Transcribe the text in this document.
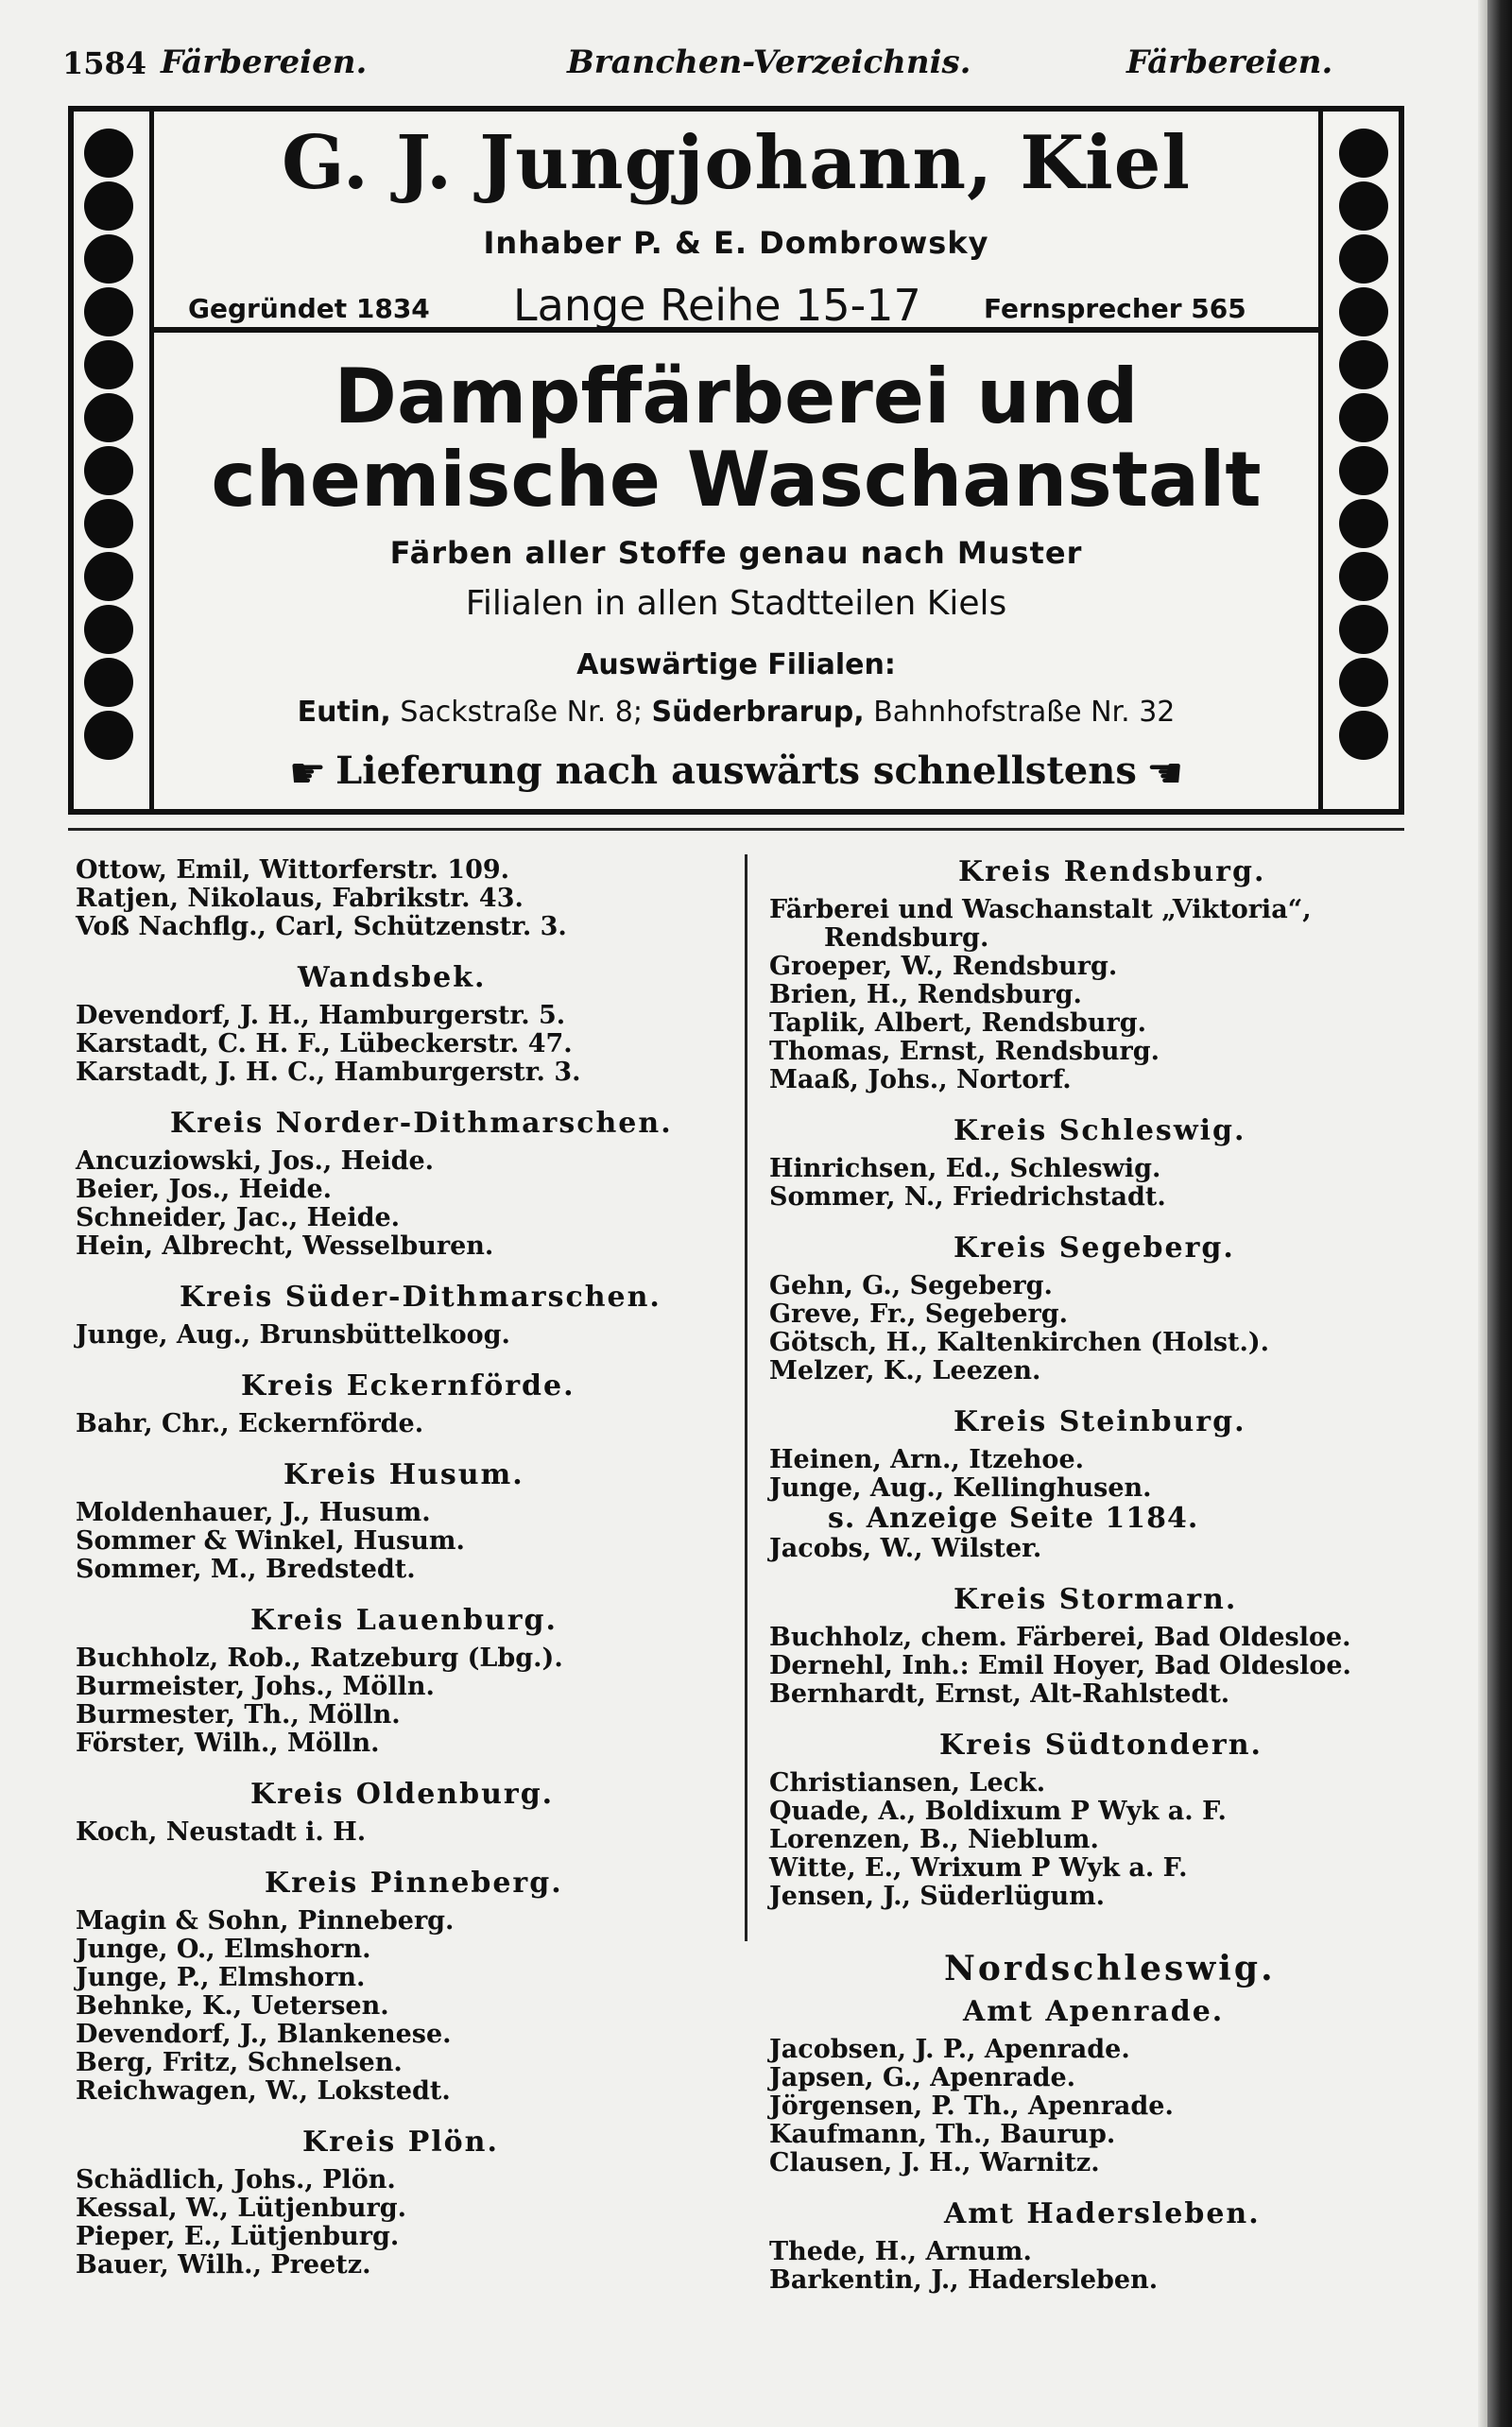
1584 Färbereien.	Branchen-Verzeichnis.	Färbereien.
G. J. Jungjohann, Kiel
Inhaber P. & E. Dombrowsky
Gegründet 1834 Lange Reihe 15-17 Fernsprecher 565
Dampffärberei und
chemische Waschanstalt
Färben aller Stoffe genau nach Muster
Filialen in allen Stadtteilen Kiels
Auswärtige Filialen:
Eutin, Sackstraße Nr. 8; Süderbrarup, Bahnhofstraße Nr. 32
☛ Lieferung nach auswärts schnellstens ☛
Ottow, Emil, Wittorferstr. 109.
Ratjen, Nikolaus, Fabrikstr. 43.
Voß Nachflg., Carl, Schützenstr. 3.
Wandsbek.
Devendorf, J. H., Hamburgerstr. 5.
Karstadt, C. H. F., Lübeckerstr. 47.
Karstadt, J. H. C., Hamburgerstr. 3.
Kreis Norder-Dithmarschen.
Ancuziowski, Jos., Heide.
Beier, Jos., Heide.
Schneider, Jac., Heide.
Hein, Albrecht, Wesselburen.
Kreis Süder-Dithmarschen.
Junge, Aug., Brunsbüttelkoog.
Kreis Eckernförde.
Bahr, Chr., Eckernförde.
Kreis Husum.
Moldenhauer, J., Husum.
Sommer & Winkel, Husum.
Sommer, M., Bredstedt.
Kreis Lauenburg.
Buchholz, Rob., Ratzeburg (Lbg.).
Burmeister, Johs., Mölln.
Burmester, Th., Mölln.
Förster, Wilh., Mölln.
Kreis Oldenburg.
Koch, Neustadt i. H.
Kreis Pinneberg.
Magin & Sohn, Pinneberg.
Junge, O., Elmshorn.
Junge, P., Elmshorn.
Behnke, K., Uetersen.
Devendorf, J., Blankenese.
Berg, Fritz, Schnelsen.
Reichwagen, W., Lokstedt.
Kreis Plön.
Schädlich, Johs., Plön.
Kessal, W., Lütjenburg.
Pieper, E., Lütjenburg.
Bauer, Wilh., Preetz.
Kreis Rendsburg.
Färberei und Waschanstalt „Viktoria“,
Rendsburg.
Groeper, W., Rendsburg.
Brien, H., Rendsburg.
Taplik, Albert, Rendsburg.
Thomas, Ernst, Rendsburg.
Maaß, Johs., Nortorf.
Kreis Schleswig.
Hinrichsen, Ed., Schleswig.
Sommer, N., Friedrichstadt.
Kreis Segeberg.
Gehn, G., Segeberg.
Greve, Fr., Segeberg.
Götsch, H., Kaltenkirchen (Holst.).
Melzer, K., Leezen.
Kreis Steinburg.
Heinen, Arn., Itzehoe.
Junge, Aug., Kellinghusen.
s. Anzeige Seite 1184.
Jacobs, W., Wilster.
Kreis Stormarn.
Buchholz, chem. Färberei, Bad Oldesloe.
Dernehl, Inh.: Emil Hoyer, Bad Oldesloe.
Bernhardt, Ernst, Alt-Rahlstedt.
Kreis Südtondern.
Christiansen, Leck.
Quade, A., Boldixum P Wyk a. F.
Lorenzen, B., Nieblum.
Witte, E., Wrixum P Wyk a. F.
Jensen, J., Süderlügum.
Nordschleswig.
Amt Apenrade.
Jacobsen, J. P., Apenrade.
Japsen, G., Apenrade.
Jörgensen, P. Th., Apenrade.
Kaufmann, Th., Baurup.
Clausen, J. H., Warnitz.
Amt Hadersleben.
Thede, H., Arnum.
Barkentin, J., Hadersleben.
